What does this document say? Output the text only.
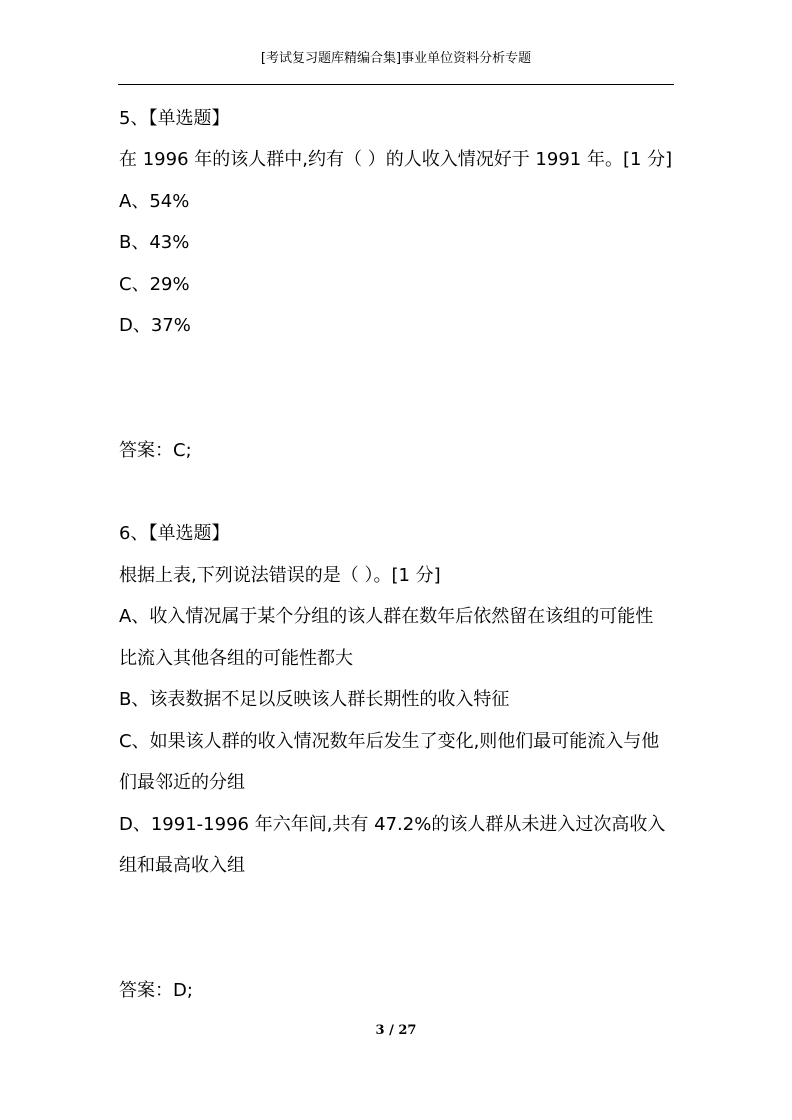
[考试复习题库精编合集]事业单位资料分析专题
5、【单选题】
在 1996 年的该人群中,约有（ ）的人收入情况好于 1991 年。[1 分]
A、54%
B、43%
C、29%
D、37%
答案：C;
6、【单选题】
根据上表,下列说法错误的是（ ）。[1 分]
A、收入情况属于某个分组的该人群在数年后依然留在该组的可能性
比流入其他各组的可能性都大
B、该表数据不足以反映该人群长期性的收入特征
C、如果该人群的收入情况数年后发生了变化,则他们最可能流入与他
们最邻近的分组
D、1991-1996 年六年间,共有 47.2%的该人群从未进入过次高收入
组和最高收入组
答案：D;
3 / 27
